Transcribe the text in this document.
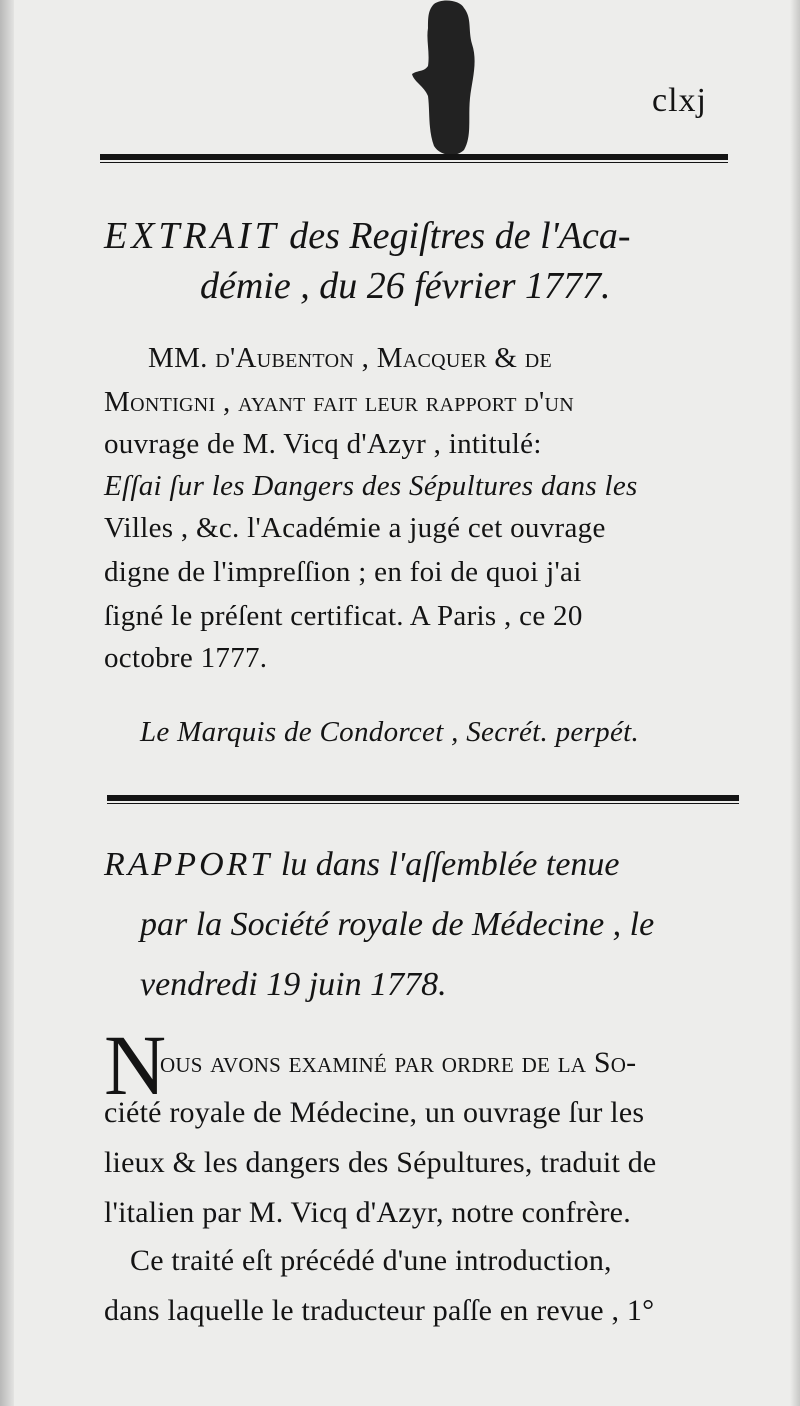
clxj
EXTRAIT des Regiſtres de l'Aca-
démie , du 26 février 1777.
MM. d'Aubenton , Macquer & de
Montigni , ayant fait leur rapport d'un
ouvrage de M. Vicq d'Azyr , intitulé:
Eſſai ſur les Dangers des Sépultures dans les
Villes , &c. l'Académie a jugé cet ouvrage
digne de l'impreſſion ; en foi de quoi j'ai
ſigné le préſent certificat. A Paris , ce 20
octobre 1777.
Le Marquis de Condorcet , Secrét. perpét.
RAPPORT lu dans l'aſſemblée tenue
par la Société royale de Médecine , le
vendredi 19 juin 1778.
N
ous avons examiné par ordre de la So-
ciété royale de Médecine, un ouvrage ſur les
lieux & les dangers des Sépultures, traduit de
l'italien par M. Vicq d'Azyr, notre confrère.
Ce traité eſt précédé d'une introduction,
dans laquelle le traducteur paſſe en revue , 1°
